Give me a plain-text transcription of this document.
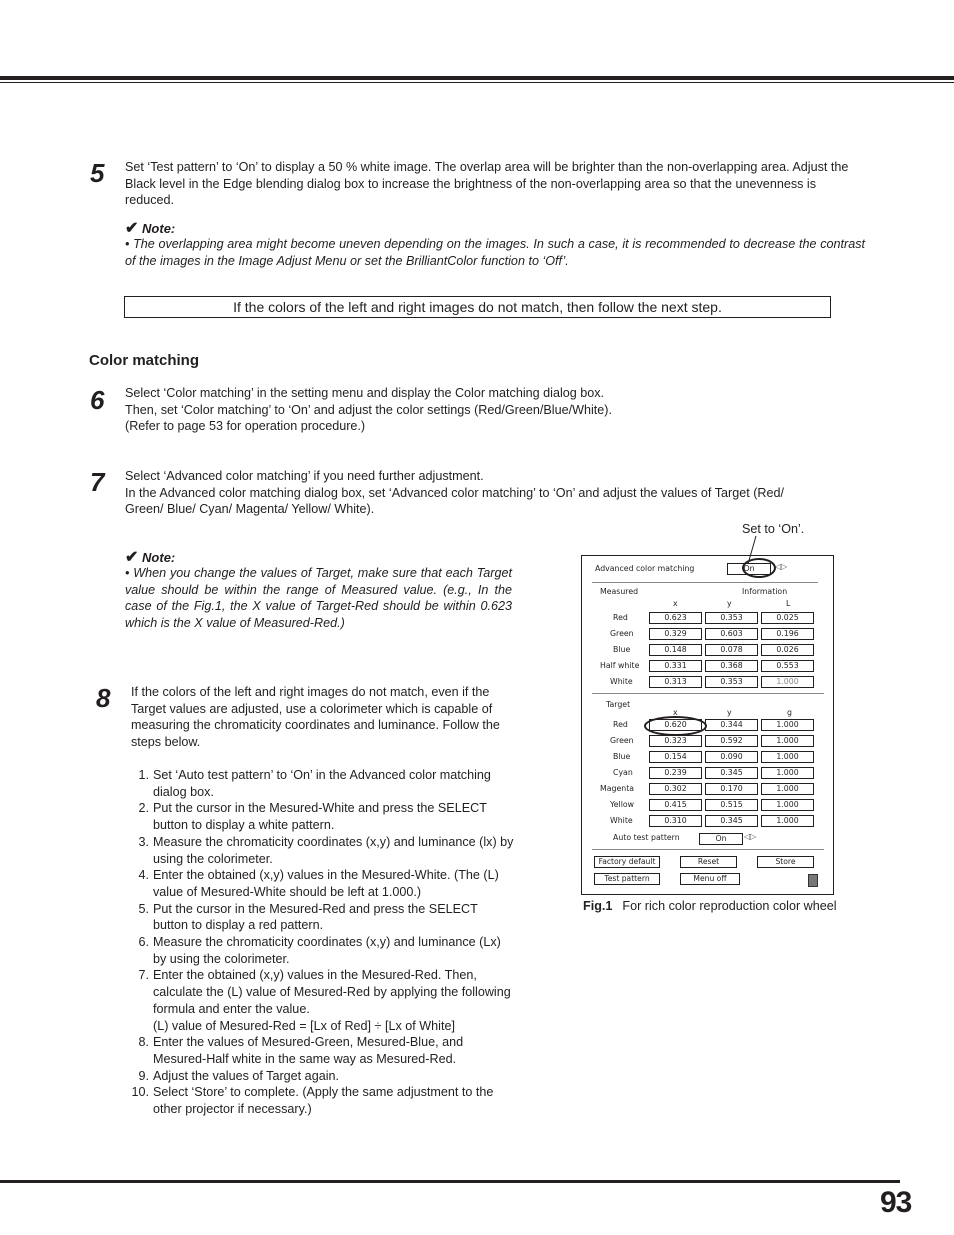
5 Set ‘Test pattern’ to ‘On’ to display a 50 % white image. The overlap area will be brighter than the non-overlapping area. Adjust the Black level in the Edge blending dialog box to increase the brightness of the non-overlapping area so that the unevenness is reduced.
✔ Note:
• The overlapping area might become uneven depending on the images. In such a case, it is recommended to decrease the contrast of the images in the Image Adjust Menu or set the BrilliantColor function to ‘Off’.
If the colors of the left and right images do not match, then follow the next step.
Color matching
6 Select ‘Color matching’ in the setting menu and display the Color matching dialog box.
Then, set ‘Color matching’ to ‘On’ and adjust the color settings (Red/Green/Blue/White).
(Refer to page 53 for operation procedure.)
7 Select ‘Advanced color matching’ if you need further adjustment.
In the Advanced color matching dialog box, set ‘Advanced color matching’ to ‘On’ and adjust the values of Target (Red/
Green/ Blue/ Cyan/ Magenta/ Yellow/ White).
✔ Note:
• When you change the values of Target, make sure that each Target value should be within the range of Measured value. (e.g., In the case of the Fig.1, the X value of Target-Red should be within 0.623 which is the X value of Measured-Red.)
8 If the colors of the left and right images do not match, even if the Target values are adjusted, use a colorimeter which is capable of measuring the chromaticity coordinates and luminance. Follow the steps below.
1. Set ‘Auto test pattern’ to ‘On’ in the Advanced color matching dialog box.
2. Put the cursor in the Mesured-White and press the SELECT button to display a white pattern.
3. Measure the chromaticity coordinates (x,y) and luminance (lx) by using the colorimeter.
4. Enter the obtained (x,y) values in the Mesured-White. (The (L) value of Mesured-White should be left at 1.000.)
5. Put the cursor in the Mesured-Red and press the SELECT button to display a red pattern.
6. Measure the chromaticity coordinates (x,y) and luminance (Lx) by using the colorimeter.
7. Enter the obtained (x,y) values in the Mesured-Red. Then, calculate the (L) value of Mesured-Red by applying the following formula and enter the value.
(L) value of Mesured-Red = [Lx of Red] ÷ [Lx of White]
8. Enter the values of Mesured-Green, Mesured-Blue, and Mesured-Half white in the same way as Mesured-Red.
9. Adjust the values of Target again.
10. Select ‘Store’ to complete. (Apply the same adjustment to the other projector if necessary.)
Set to ‘On’.
Advanced color matching	On	◁▷
Measured	Information
x	y	L
Red	0.623	0.353	0.025
Green	0.329	0.603	0.196
Blue	0.148	0.078	0.026
Half white	0.331	0.368	0.553
White	0.313	0.353	1.000
Target
x	y	g
Red	0.620	0.344	1.000
Green	0.323	0.592	1.000
Blue	0.154	0.090	1.000
Cyan	0.239	0.345	1.000
Magenta	0.302	0.170	1.000
Yellow	0.415	0.515	1.000
White	0.310	0.345	1.000
Auto test pattern	On	◁▷
Factory default	Reset	Store
Test pattern	Menu off
Fig.1 For rich color reproduction color wheel
93
